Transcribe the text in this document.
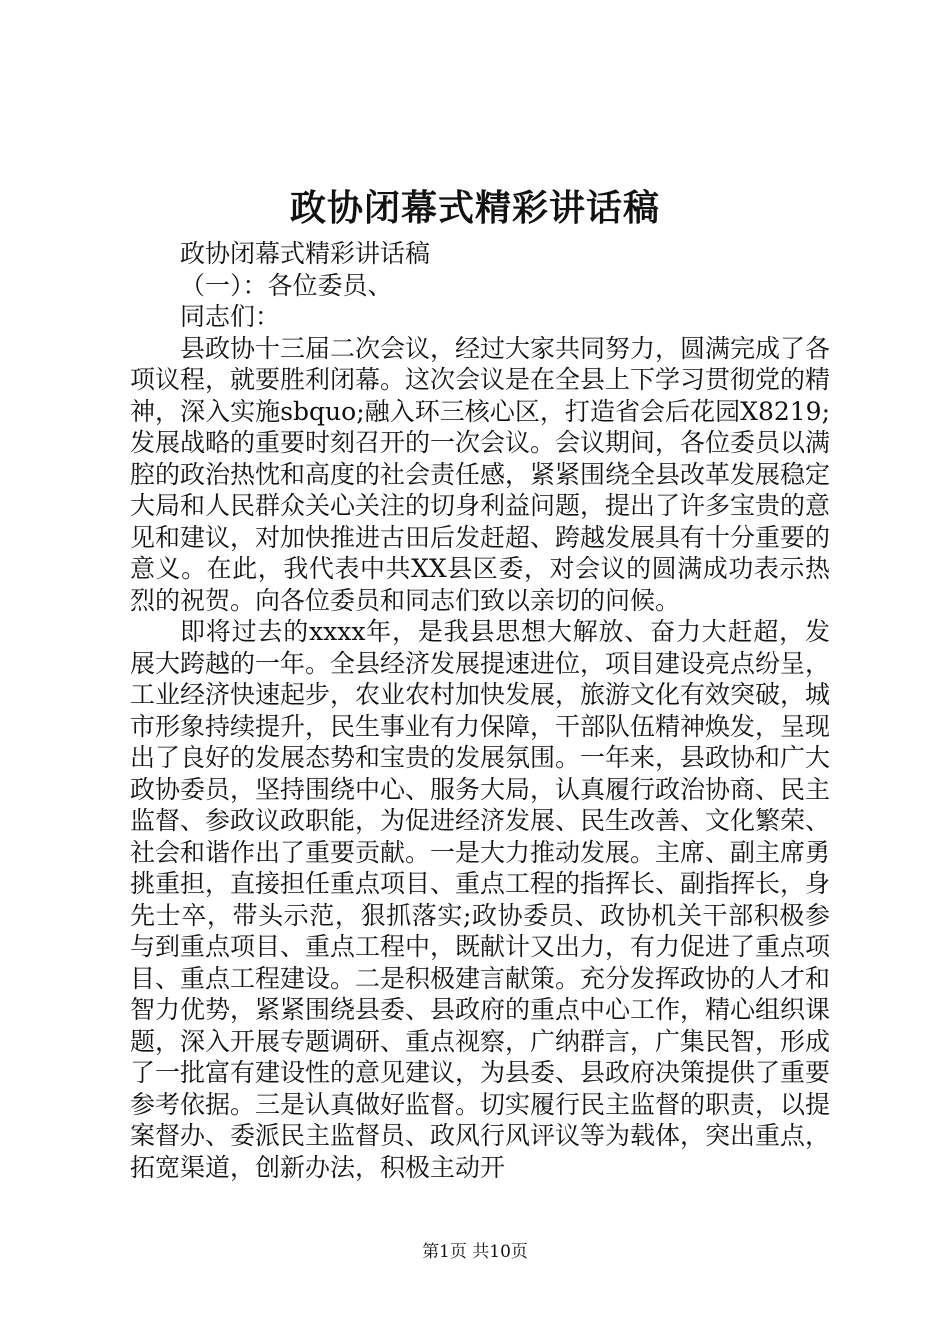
政协闭幕式精彩讲话稿

政协闭幕式精彩讲话稿

（一）：各位委员、

同志们：

县政协十三届二次会议，经过大家共同努力，圆满完成了各项议程，就要胜利闭幕。这次会议是在全县上下学习贯彻党的精神，深入实施sbquo;融入环三核心区，打造省会后花园X8219;发展战略的重要时刻召开的一次会议。会议期间，各位委员以满腔的政治热忱和高度的社会责任感，紧紧围绕全县改革发展稳定大局和人民群众关心关注的切身利益问题，提出了许多宝贵的意见和建议，对加快推进古田后发赶超、跨越发展具有十分重要的意义。在此，我代表中共XX县区委，对会议的圆满成功表示热烈的祝贺。向各位委员和同志们致以亲切的问候。

即将过去的xxxx年，是我县思想大解放、奋力大赶超，发展大跨越的一年。全县经济发展提速进位，项目建设亮点纷呈，工业经济快速起步，农业农村加快发展，旅游文化有效突破，城市形象持续提升，民生事业有力保障，干部队伍精神焕发，呈现出了良好的发展态势和宝贵的发展氛围。一年来，县政协和广大政协委员，坚持围绕中心、服务大局，认真履行政治协商、民主监督、参政议政职能，为促进经济发展、民生改善、文化繁荣、社会和谐作出了重要贡献。一是大力推动发展。主席、副主席勇挑重担，直接担任重点项目、重点工程的指挥长、副指挥长，身先士卒，带头示范，狠抓落实;政协委员、政协机关干部积极参与到重点项目、重点工程中，既献计又出力，有力促进了重点项目、重点工程建设。二是积极建言献策。充分发挥政协的人才和智力优势，紧紧围绕县委、县政府的重点中心工作，精心组织课题，深入开展专题调研、重点视察，广纳群言，广集民智，形成了一批富有建设性的意见建议，为县委、县政府决策提供了重要参考依据。三是认真做好监督。切实履行民主监督的职责，以提案督办、委派民主监督员、政风行风评议等为载体，突出重点，拓宽渠道，创新办法，积极主动开

第1页 共10页
